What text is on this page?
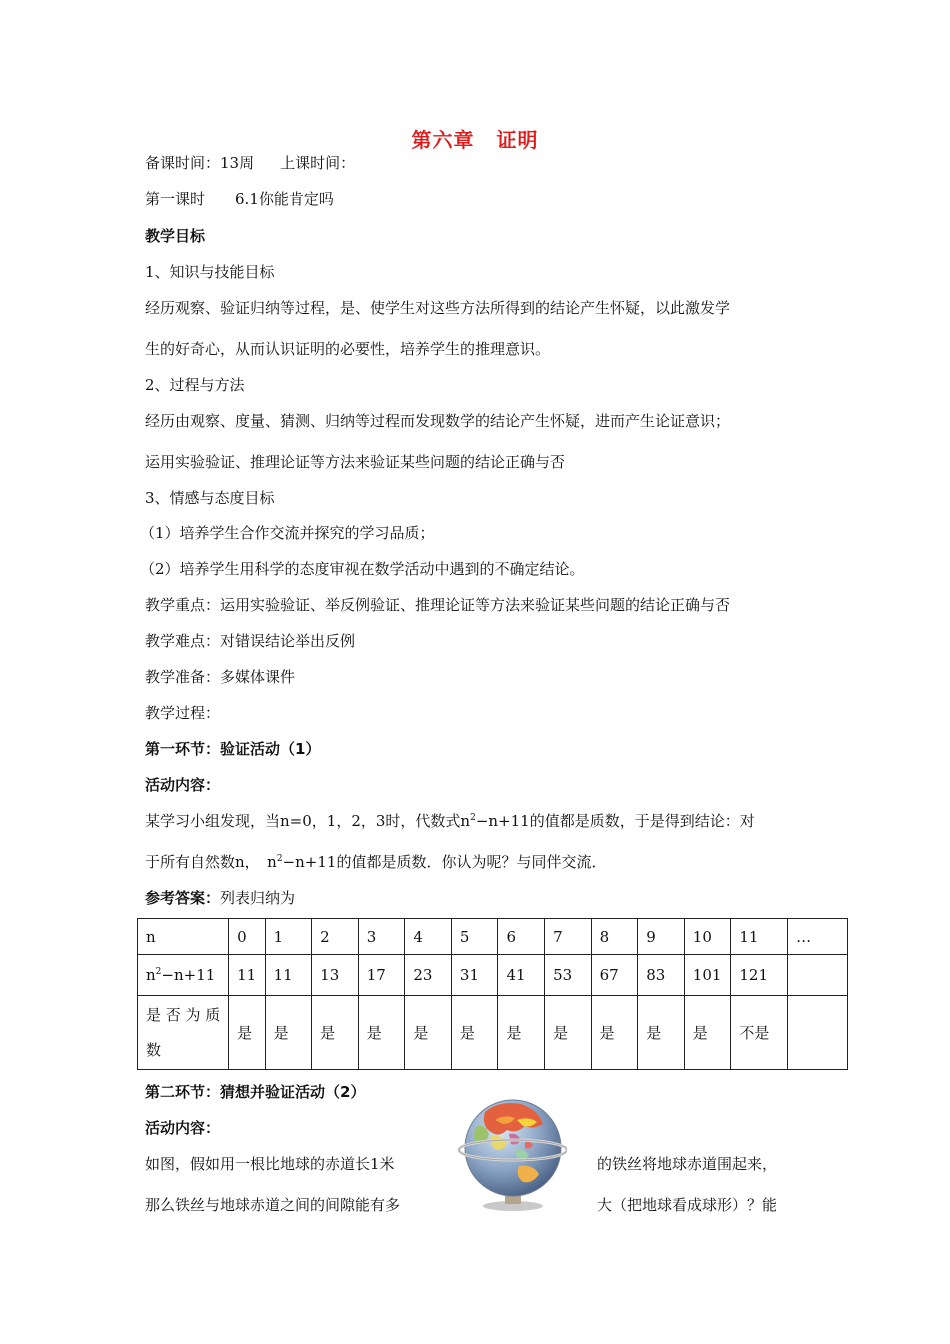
第六章 证明
备课时间：13周 上课时间：
第一课时 6.1你能肯定吗
教学目标
1、知识与技能目标
经历观察、验证归纳等过程，是、使学生对这些方法所得到的结论产生怀疑，以此激发学
生的好奇心，从而认识证明的必要性，培养学生的推理意识。
2、过程与方法
经历由观察、度量、猜测、归纳等过程而发现数学的结论产生怀疑，进而产生论证意识；
运用实验验证、推理论证等方法来验证某些问题的结论正确与否
3、情感与态度目标
（1）培养学生合作交流并探究的学习品质；
（2）培养学生用科学的态度审视在数学活动中遇到的不确定结论。
教学重点：运用实验验证、举反例验证、推理论证等方法来验证某些问题的结论正确与否
教学难点：对错误结论举出反例
教学准备：多媒体课件
教学过程：
第一环节：验证活动（1）
活动内容：
某学习小组发现，当n=0，1，2，3时，代数式$n^2-n+11$的值都是质数，于是得到结论：对
于所有自然数n，　$n^2-n+11$的值都是质数．你认为呢？与同伴交流．
参考答案：列表归纳为
n	0	1	2	3	4	5	6	7	8	9	10	11	…
$n^2-n+11$	11	11	13	17	23	31	41	53	67	83	101	121	

是 否 为 质
数	是	是	是	是	是	是	是	是	是	是	是	不是	
第二环节：猜想并验证活动（2）
活动内容：
如图，假如用一根比地球的赤道长1米	的铁丝将地球赤道围起来，
那么铁丝与地球赤道之间的间隙能有多	大（把地球看成球形）？能
